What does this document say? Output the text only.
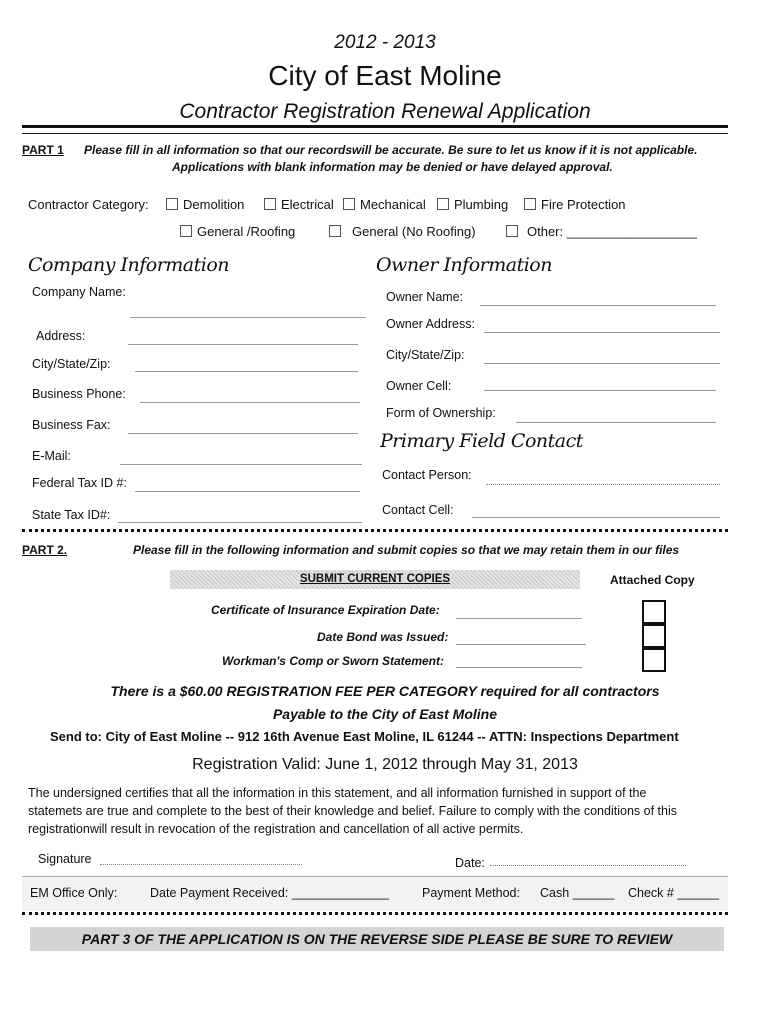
2012 - 2013
City of East Moline
Contractor Registration Renewal Application
PART 1 Please fill in all information so that our recordswill be accurate. Be sure to let us know if it is not applicable.
Applications with blank information may be denied or have delayed approval.
Contractor Category:	Demolition	Electrical	Mechanical	Plumbing	Fire Protection
General /Roofing	General (No Roofing)	Other: __________________
Company Information
Company Name:
Address:
City/State/Zip:
Business Phone:
Business Fax:
E-Mail:
Federal Tax ID #:
State Tax ID#:
Owner Information
Owner Name:
Owner Address:
City/State/Zip:
Owner Cell:
Form of Ownership:
Primary Field Contact
Contact Person:
Contact Cell:
PART 2.	Please fill in the following information and submit copies so that we may retain them in our files
SUBMIT CURRENT COPIES	Attached Copy
Certificate of Insurance Expiration Date:
Date Bond was Issued:
Workman's Comp or Sworn Statement:
There is a $60.00 REGISTRATION FEE PER CATEGORY required for all contractors
Payable to the City of East Moline
Send to: City of East Moline -- 912 16th Avenue East Moline, IL 61244 -- ATTN: Inspections Department
Registration Valid: June 1, 2012 through May 31, 2013
The undersigned certifies that all the information in this statement, and all information furnished in support of the
statemets are true and complete to the best of their knowledge and belief. Failure to comply with the conditions of this
registrationwill result in revocation of the registration and cancellation of all active permits.
Signature	Date:
EM Office Only:	Date Payment Received: ______________	Payment Method: Cash ______ Check # ______
PART 3 OF THE APPLICATION IS ON THE REVERSE SIDE PLEASE BE SURE TO REVIEW
